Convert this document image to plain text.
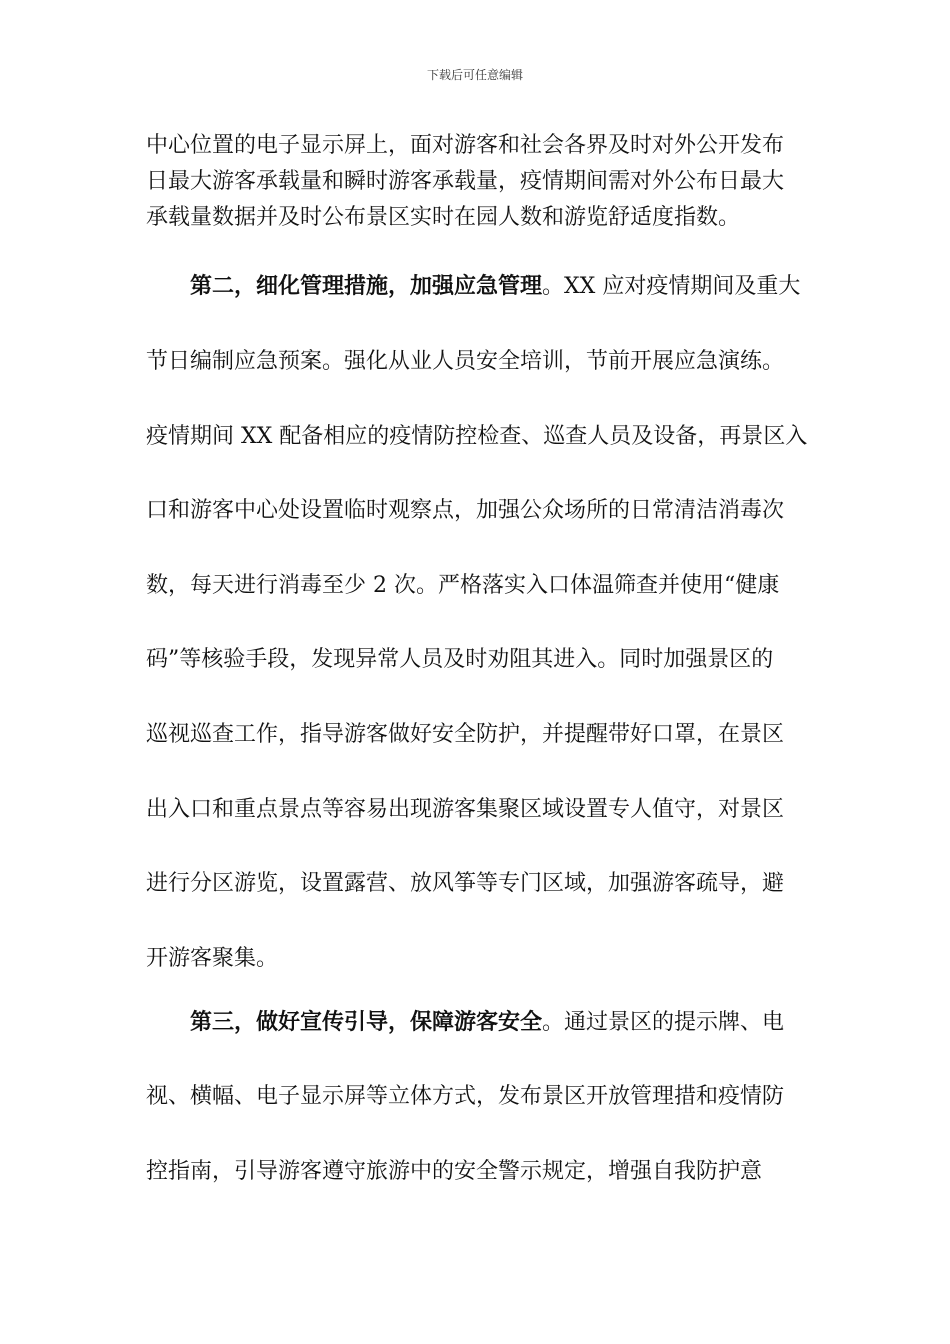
下载后可任意编辑
中心位置的电子显示屏上，面对游客和社会各界及时对外公开发布
日最大游客承载量和瞬时游客承载量，疫情期间需对外公布日最大
承载量数据并及时公布景区实时在园人数和游览舒适度指数。
第二，细化管理措施，加强应急管理。XX 应对疫情期间及重大
节日编制应急预案。强化从业人员安全培训，节前开展应急演练。
疫情期间 XX 配备相应的疫情防控检查、巡查人员及设备，再景区入
口和游客中心处设置临时观察点，加强公众场所的日常清洁消毒次
数，每天进行消毒至少 2 次。严格落实入口体温筛查并使用“健康
码”等核验手段，发现异常人员及时劝阻其进入。同时加强景区的
巡视巡查工作，指导游客做好安全防护，并提醒带好口罩，在景区
出入口和重点景点等容易出现游客集聚区域设置专人值守，对景区
进行分区游览，设置露营、放风筝等专门区域，加强游客疏导，避
开游客聚集。
第三，做好宣传引导，保障游客安全。通过景区的提示牌、电
视、横幅、电子显示屏等立体方式，发布景区开放管理措和疫情防
控指南，引导游客遵守旅游中的安全警示规定，增强自我防护意
